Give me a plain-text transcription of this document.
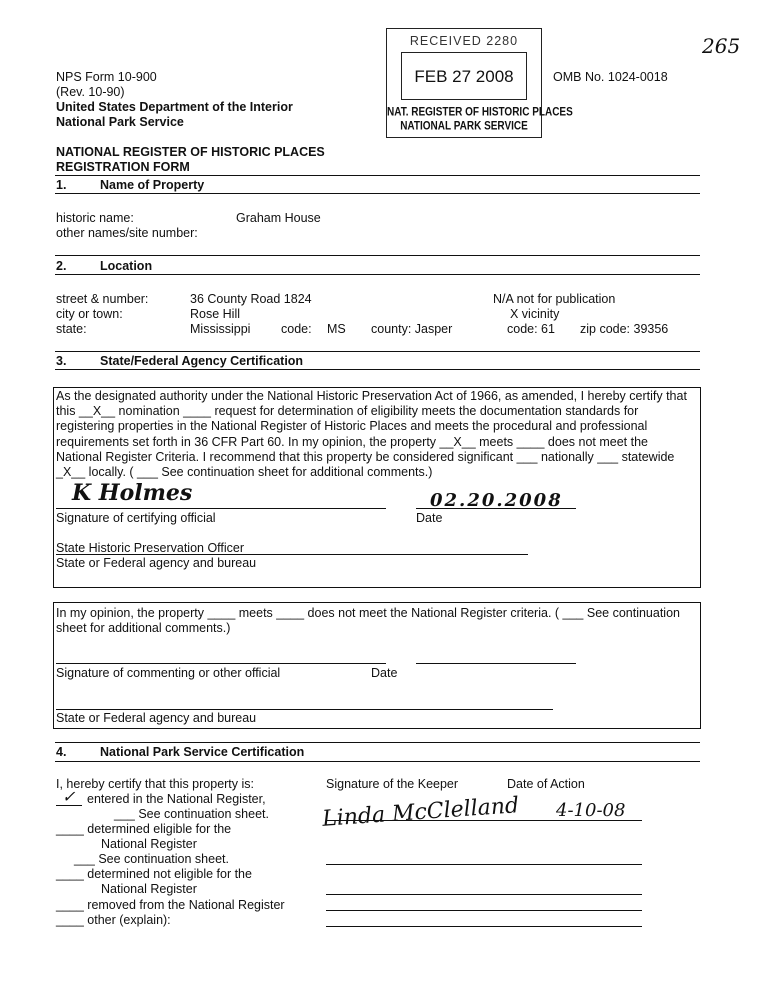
265
RECEIVED 2280
FEB 27 2008
NAT. REGISTER OF HISTORIC PLACES
NATIONAL PARK SERVICE
NPS Form 10-900
(Rev. 10-90)
United States Department of the Interior
National Park Service
OMB No. 1024-0018
NATIONAL REGISTER OF HISTORIC PLACES
REGISTRATION FORM
1.	Name of Property
historic name:	Graham House
other names/site number:
2.	Location
street & number:	36 County Road 1824	N/A not for publication
city or town:	Rose Hill	X vicinity
state:	Mississippi code: MS county: Jasper	code: 61 zip code: 39356
3.	State/Federal Agency Certification
As the designated authority under the National Historic Preservation Act of 1966, as amended, I hereby certify that this __X__ nomination ____ request for determination of eligibility meets the documentation standards for registering properties in the National Register of Historic Places and meets the procedural and professional requirements set forth in 36 CFR Part 60. In my opinion, the property __X__ meets ____ does not meet the National Register Criteria. I recommend that this property be considered significant ___ nationally ___ statewide _X__ locally. ( ___ See continuation sheet for additional comments.)
K Holmes	02.20.2008
Signature of certifying official	Date
State Historic Preservation Officer
State or Federal agency and bureau
In my opinion, the property ____ meets ____ does not meet the National Register criteria. ( ___ See continuation sheet for additional comments.)
Signature of commenting or other official	Date
State or Federal agency and bureau
4.	National Park Service Certification
I, hereby certify that this property is:	Signature of the Keeper	Date of Action
✓ entered in the National Register,
___ See continuation sheet.
____ determined eligible for the
National Register
___ See continuation sheet.
____ determined not eligible for the
National Register
____ removed from the National Register
____ other (explain):
Linda McClelland 4-10-08
